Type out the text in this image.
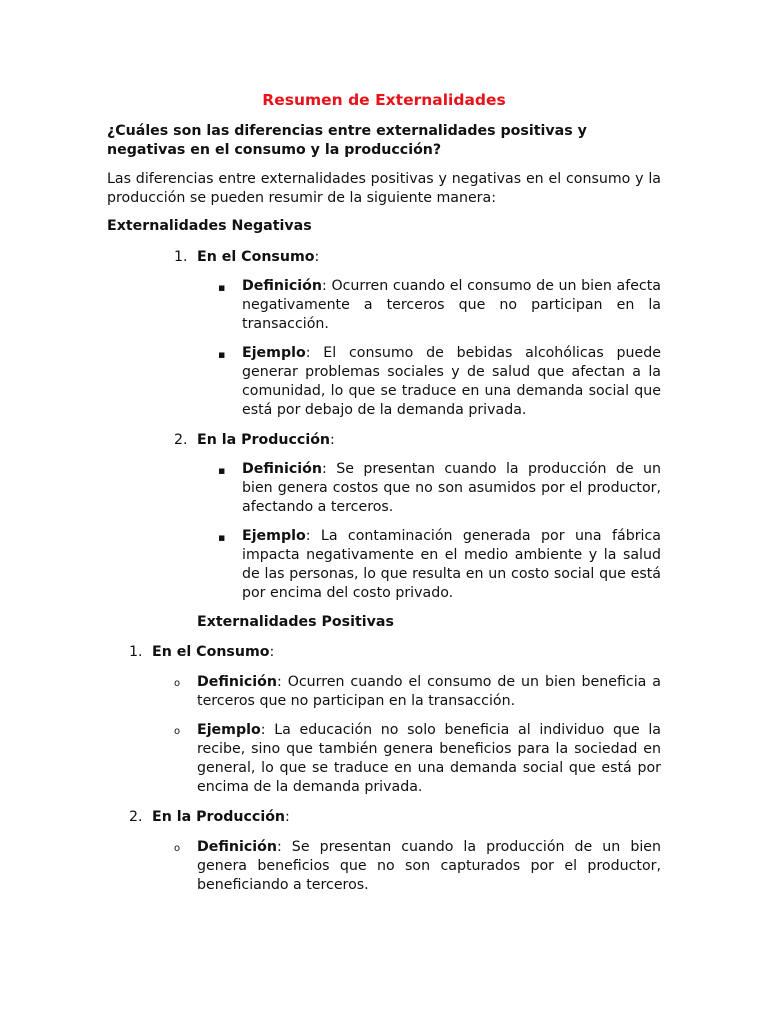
Resumen de Externalidades
¿Cuáles son las diferencias entre externalidades positivas y negativas en el consumo y la producción?
Las diferencias entre externalidades positivas y negativas en el consumo y la producción se pueden resumir de la siguiente manera:
Externalidades Negativas
1. En el Consumo:
▪ Definición: Ocurren cuando el consumo de un bien afecta negativamente a terceros que no participan en la transacción.
▪ Ejemplo: El consumo de bebidas alcohólicas puede generar problemas sociales y de salud que afectan a la comunidad, lo que se traduce en una demanda social que está por debajo de la demanda privada.
2. En la Producción:
▪ Definición: Se presentan cuando la producción de un bien genera costos que no son asumidos por el productor, afectando a terceros.
▪ Ejemplo: La contaminación generada por una fábrica impacta negativamente en el medio ambiente y la salud de las personas, lo que resulta en un costo social que está por encima del costo privado.
Externalidades Positivas
1. En el Consumo:
o Definición: Ocurren cuando el consumo de un bien beneficia a terceros que no participan en la transacción.
o Ejemplo: La educación no solo beneficia al individuo que la recibe, sino que también genera beneficios para la sociedad en general, lo que se traduce en una demanda social que está por encima de la demanda privada.
2. En la Producción:
o Definición: Se presentan cuando la producción de un bien genera beneficios que no son capturados por el productor, beneficiando a terceros.
